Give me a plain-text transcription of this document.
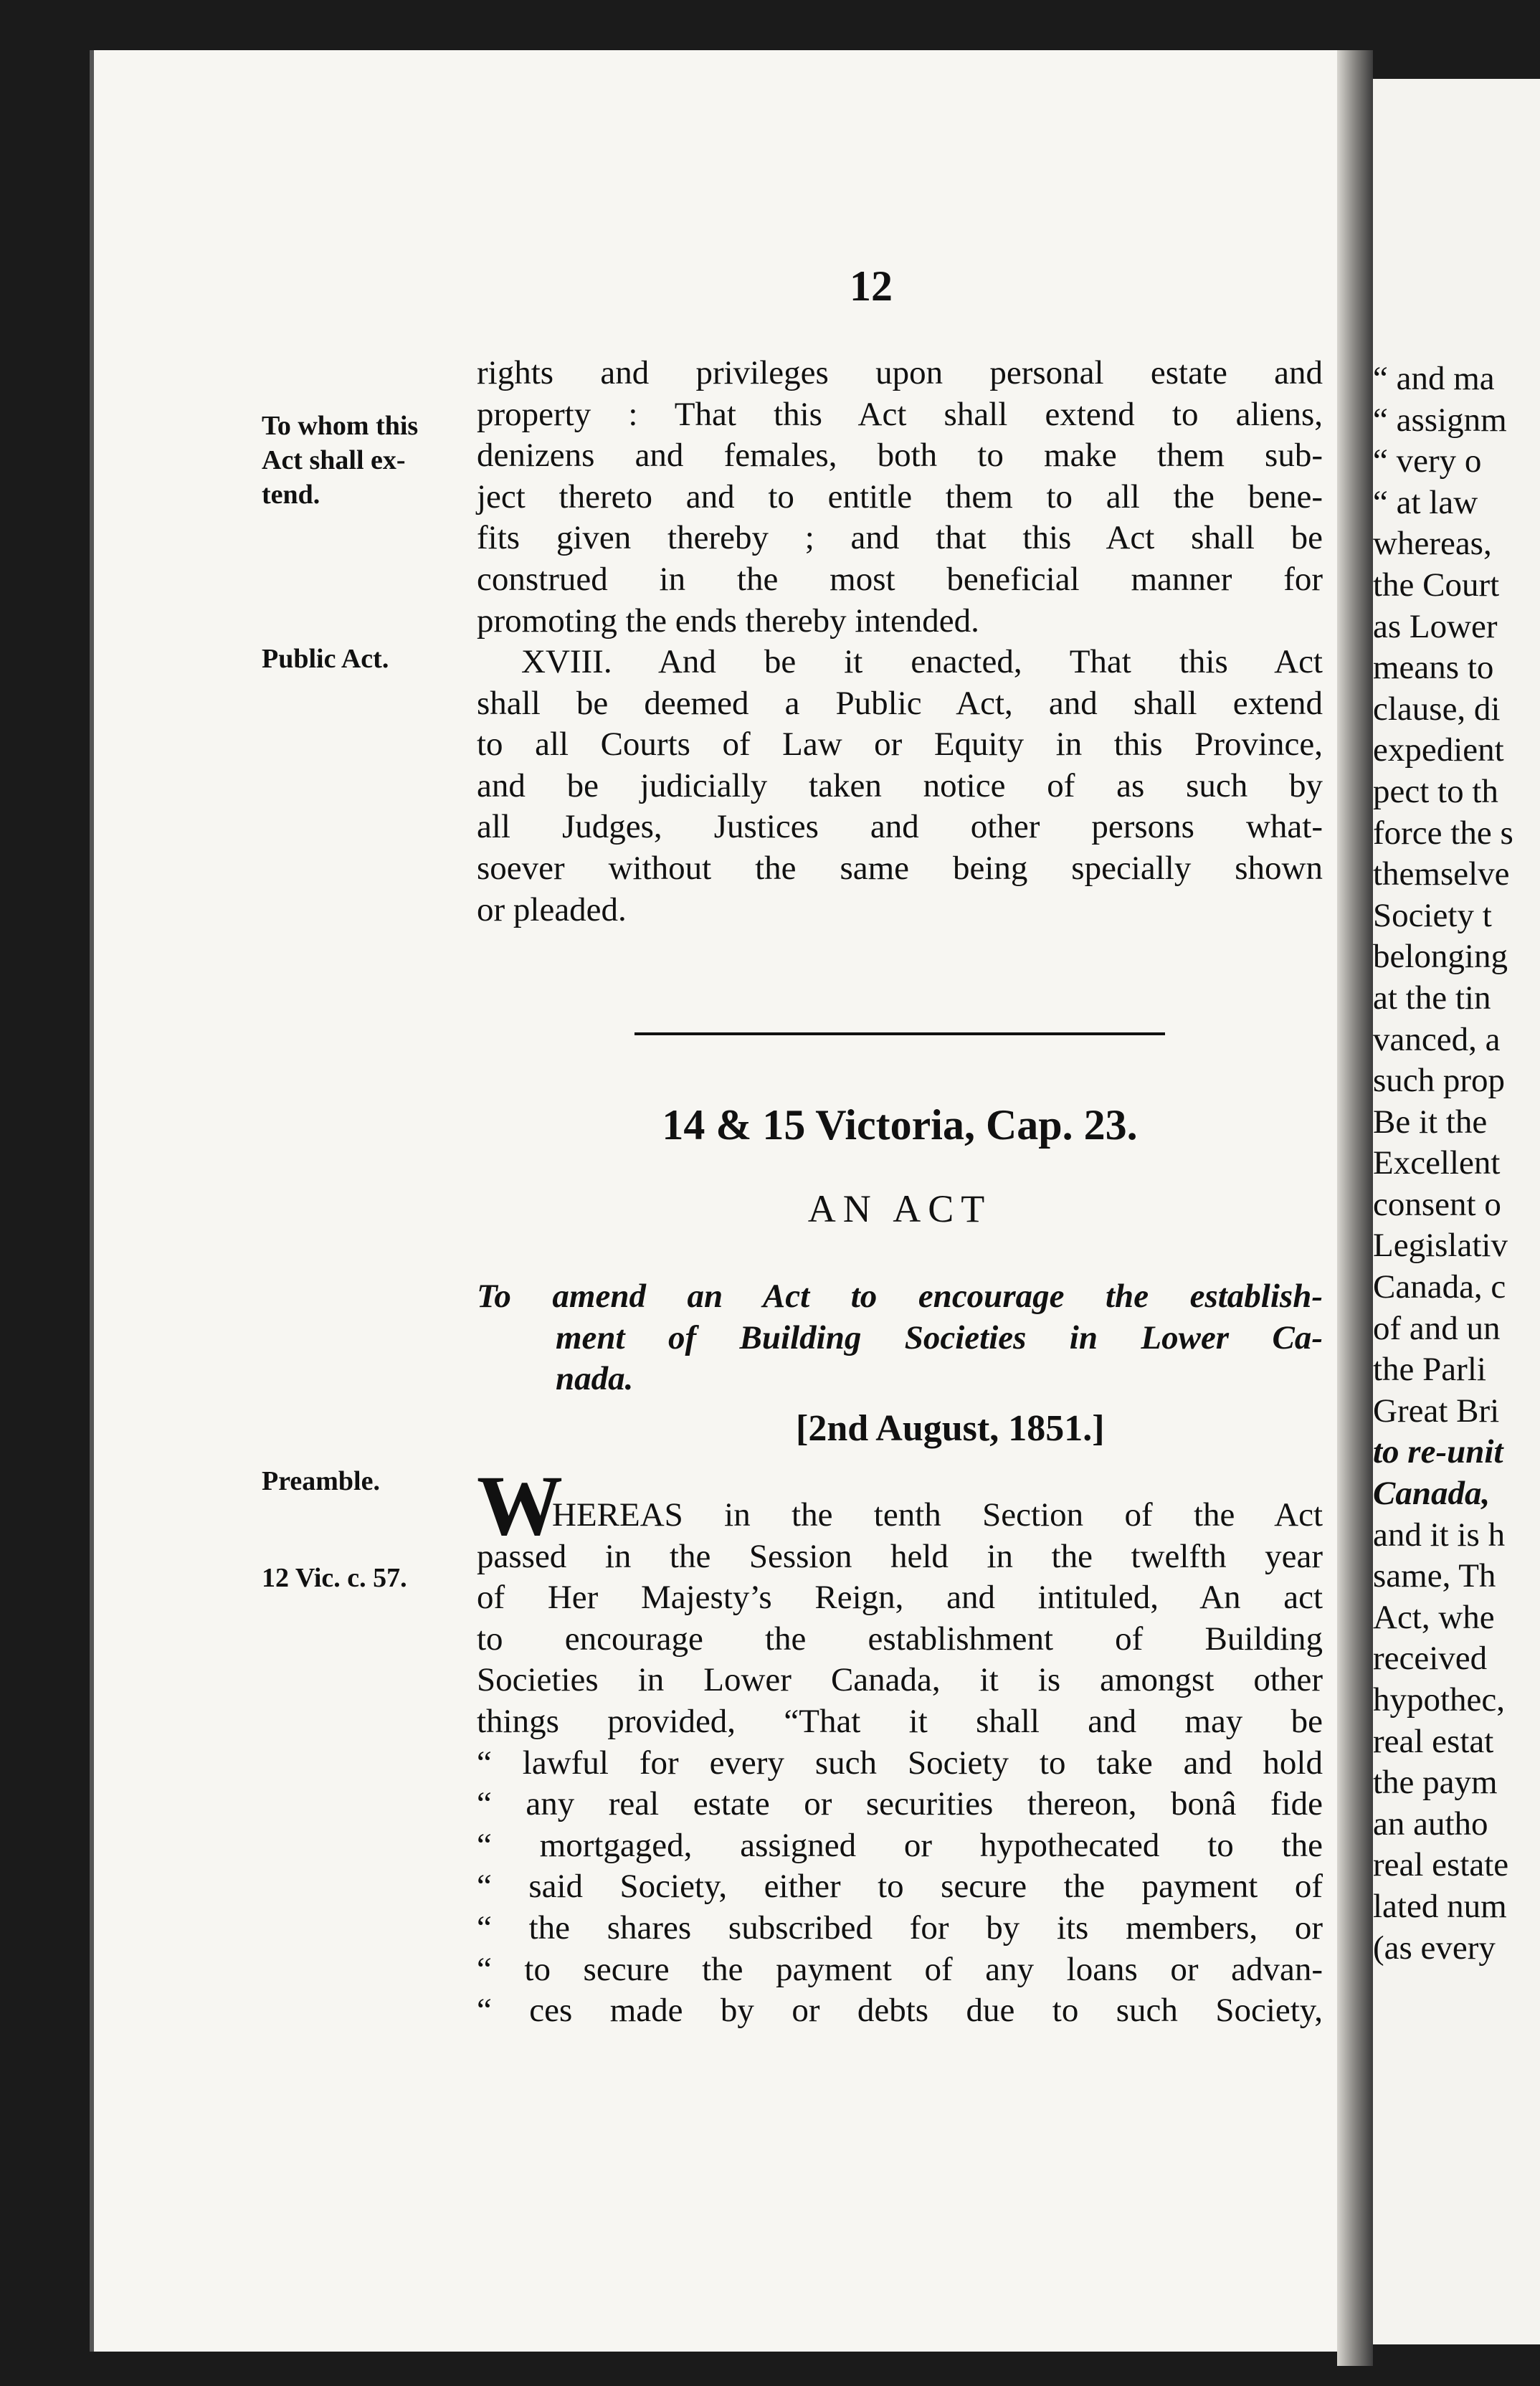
“ and ma
“ assignm
“ very o
“ at law
whereas,
the Court
as Lower
means to
clause, di
expedient
pect to th
force the s
themselve
Society t
belonging
at the tin
vanced, a
such prop
Be it the
Excellent
consent o
Legislativ
Canada, c
of and un
the Parli
Great Bri
to re-unit
Canada,
and it is h
same, Th
Act, whe
received
hypothec,
real estat
the paym
an autho
real estate
lated num
(as every
12
To whom this
Act shall ex-
tend.
Public Act.
Preamble.
12 Vic. c. 57.
rights and privileges upon personal estate and
property : That this Act shall extend to aliens,
denizens and females, both to make them sub-
ject thereto and to entitle them to all the bene-
fits given thereby ; and that this Act shall be
construed in the most beneficial manner for
promoting the ends thereby intended.
XVIII. And be it enacted, That this Act
shall be deemed a Public Act, and shall extend
to all Courts of Law or Equity in this Province,
and be judicially taken notice of as such by
all Judges, Justices and other persons what-
soever without the same being specially shown
or pleaded.
14 & 15 Victoria, Cap. 23.
AN ACT
To amend an Act to encourage the establish-
ment of Building Societies in Lower Ca-
nada.
[2nd August, 1851.]
W
HEREAS in the tenth Section of the Act
passed in the Session held in the twelfth year
of Her Majesty’s Reign, and intituled, An act
to encourage the establishment of Building
Societies in Lower Canada, it is amongst other
things provided, “That it shall and may be
“ lawful for every such Society to take and hold
“ any real estate or securities thereon, bonâ fide
“ mortgaged, assigned or hypothecated to the
“ said Society, either to secure the payment of
“ the shares subscribed for by its members, or
“ to secure the payment of any loans or advan-
“ ces made by or debts due to such Society,
